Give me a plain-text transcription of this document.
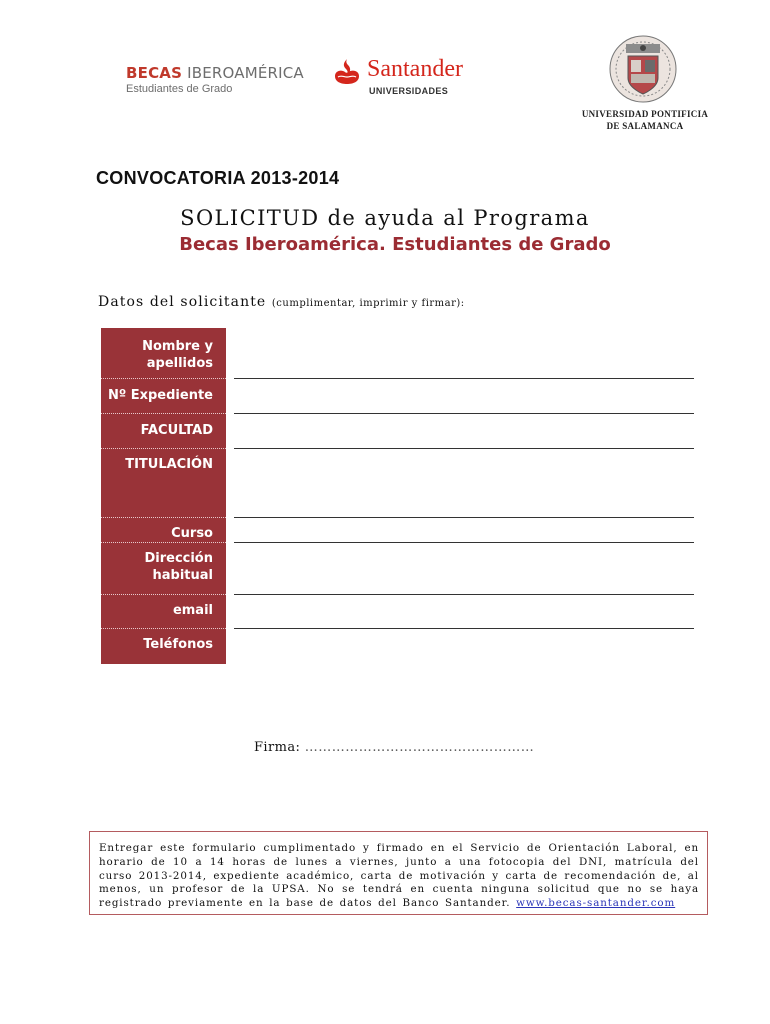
BECAS IBEROAMÉRICA
Estudiantes de Grado
Santander
UNIVERSIDADES
UNIVERSIDAD PONTIFICIA
DE SALAMANCA
CONVOCATORIA 2013-2014
SOLICITUD de ayuda al Programa
Becas Iberoamérica. Estudiantes de Grado
Datos del solicitante (cumplimentar, imprimir y firmar):
Nombre y apellidos
Nº Expediente
FACULTAD
TITULACIÓN
Curso
Dirección habitual
email
Teléfonos
Firma: ……………………………………………
Entregar este formulario cumplimentado y firmado en el Servicio de Orientación Laboral, en horario de 10 a 14 horas de lunes a viernes, junto a una fotocopia del DNI, matrícula del curso 2013-2014, expediente académico, carta de motivación y carta de recomendación de, al menos, un profesor de la UPSA. No se tendrá en cuenta ninguna solicitud que no se haya registrado previamente en la base de datos del Banco Santander. www.becas-santander.com
